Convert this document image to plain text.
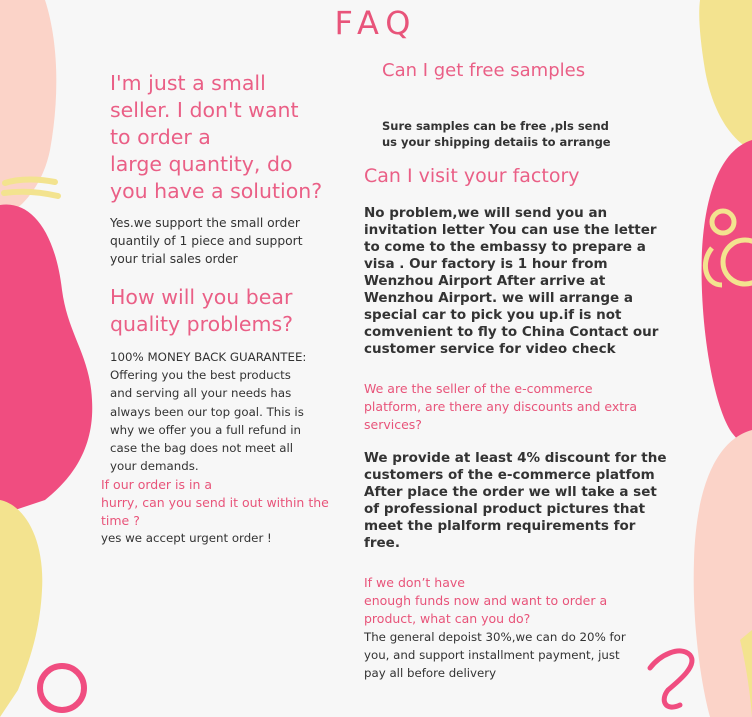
FAQ
I'm just a small
seller. I don't want
to order a
large quantity, do
you have a solution?
Yes.we support the small order
quantily of 1 piece and support
your trial sales order
How will you bear
quality problems?
100% MONEY BACK GUARANTEE:
Offering you the best products
and serving all your needs has
always been our top goal. This is
why we offer you a full refund in
case the bag does not meet all
your demands.
If our order is in a
hurry, can you send it out within the
time ?
yes we accept urgent order !
Can I get free samples
Sure samples can be free ,pls send
us your shipping detaiis to arrange
Can I visit your factory
No problem,we will send you an
invitation letter You can use the letter
to come to the embassy to prepare a
visa . Our factory is 1 hour from
Wenzhou Airport After arrive at
Wenzhou Airport. we will arrange a
special car to pick you up.if is not
comvenient to fly to China Contact our
customer service for video check
We are the seller of the e-commerce
platform, are there any discounts and extra
services?
We provide at least 4% discount for the
customers of the e-commerce platfom
After place the order we wll take a set
of professional product pictures that
meet the plalform requirements for
free.
If we don’t have
enough funds now and want to order a
product, what can you do?
The general depoist 30%,we can do 20% for
you, and support installment payment, just
pay all before delivery
